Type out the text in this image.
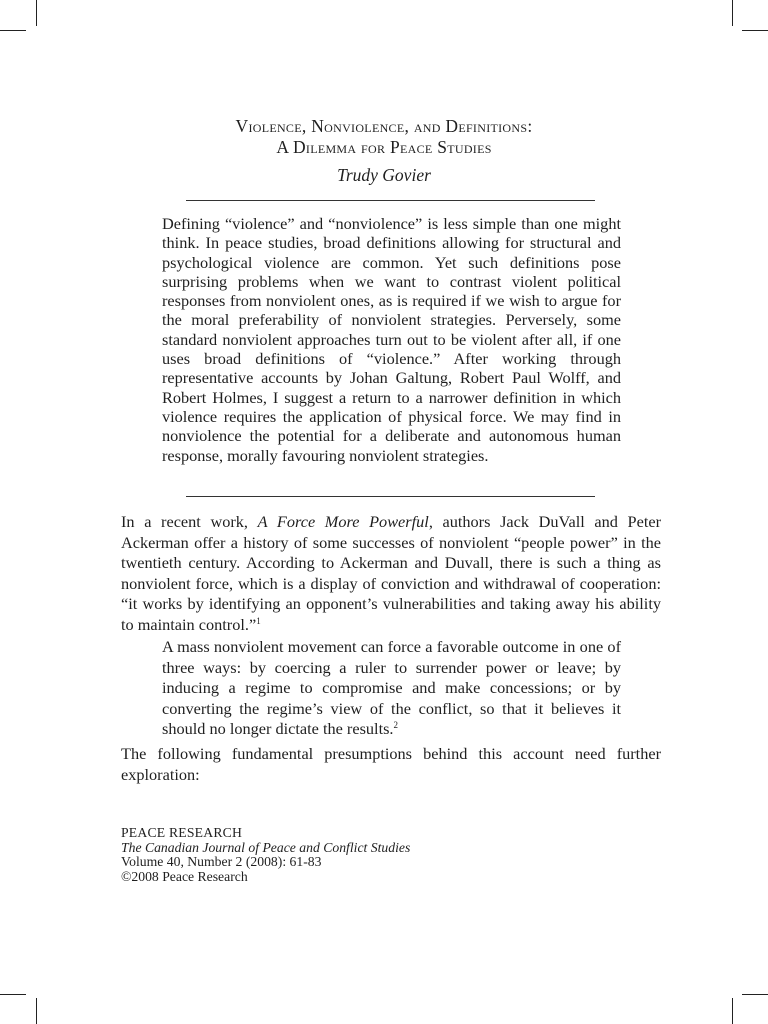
Violence, Nonviolence, and Definitions:
A Dilemma for Peace Studies
Trudy Govier
Defining “violence” and “nonviolence” is less simple than one might think. In peace studies, broad definitions allowing for structural and psychological violence are common. Yet such definitions pose surprising problems when we want to contrast violent political responses from nonviolent ones, as is required if we wish to argue for the moral preferability of nonviolent strategies. Perversely, some standard nonviolent approaches turn out to be violent after all, if one uses broad definitions of “violence.” After working through representative accounts by Johan Galtung, Robert Paul Wolff, and Robert Holmes, I suggest a return to a narrower definition in which violence requires the application of physical force. We may find in nonviolence the potential for a deliberate and autonomous human response, morally favouring nonviolent strategies.
In a recent work, A Force More Powerful, authors Jack DuVall and Peter Ackerman offer a history of some successes of nonviolent “people power” in the twentieth century. According to Ackerman and Duvall, there is such a thing as nonviolent force, which is a display of conviction and withdrawal of cooperation: “it works by identifying an opponent’s vulnerabilities and taking away his ability to maintain control.”$^1$
A mass nonviolent movement can force a favorable outcome in one of three ways: by coercing a ruler to surrender power or leave; by inducing a regime to compromise and make concessions; or by converting the regime’s view of the conflict, so that it believes it should no longer dictate the results.$^2$
The following fundamental presumptions behind this account need further exploration:
PEACE RESEARCH
The Canadian Journal of Peace and Conflict Studies
Volume 40, Number 2 (2008): 61-83
©2008 Peace Research
